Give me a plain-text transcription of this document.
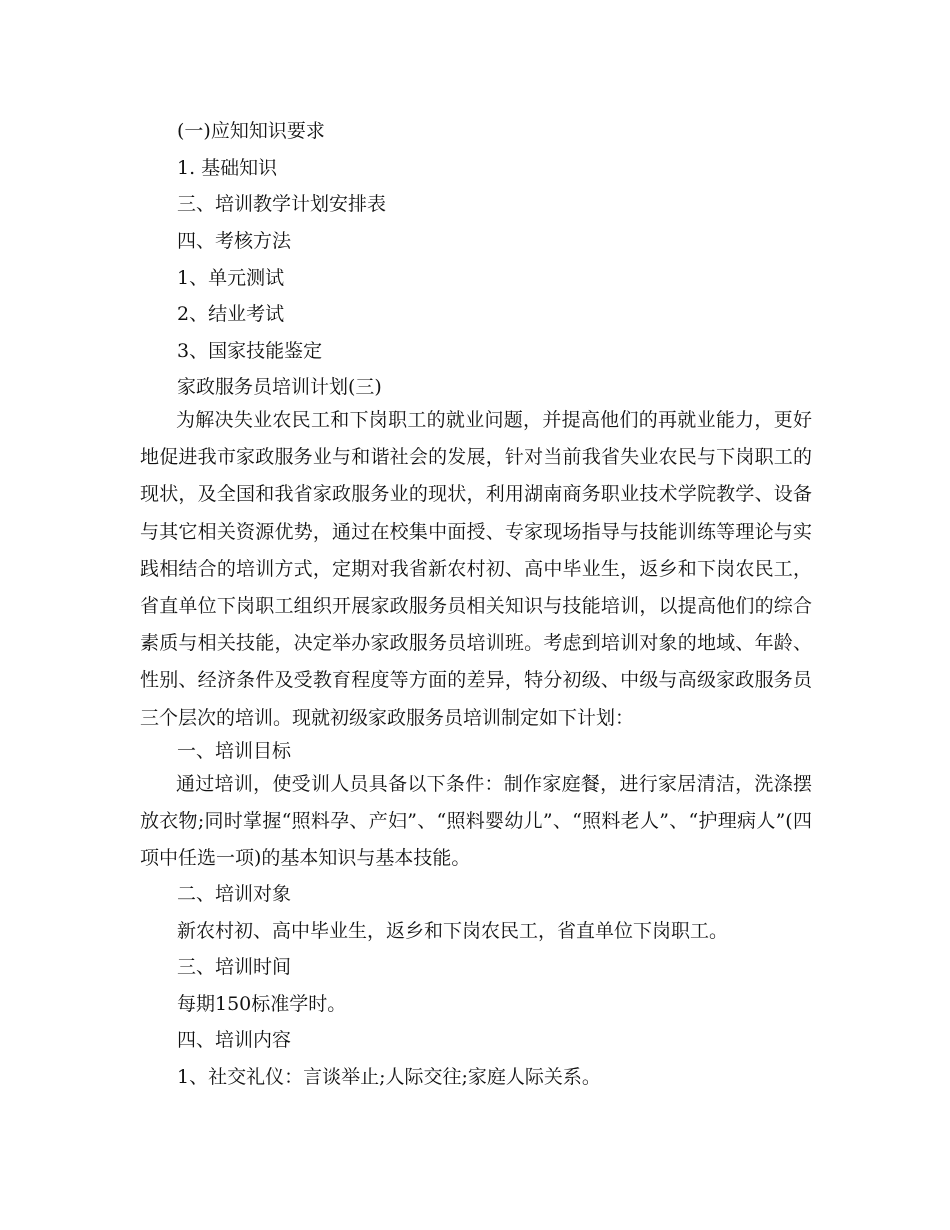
(一)应知知识要求
1. 基础知识
三、培训教学计划安排表
四、考核方法
1、单元测试
2、结业考试
3、国家技能鉴定
家政服务员培训计划(三)

为解决失业农民工和下岗职工的就业问题，并提高他们的再就业能力，更好地促进我市家政服务业与和谐社会的发展，针对当前我省失业农民与下岗职工的现状，及全国和我省家政服务业的现状，利用湖南商务职业技术学院教学、设备与其它相关资源优势，通过在校集中面授、专家现场指导与技能训练等理论与实践相结合的培训方式，定期对我省新农村初、高中毕业生，返乡和下岗农民工，省直单位下岗职工组织开展家政服务员相关知识与技能培训，以提高他们的综合素质与相关技能，决定举办家政服务员培训班。考虑到培训对象的地域、年龄、性别、经济条件及受教育程度等方面的差异，特分初级、中级与高级家政服务员三个层次的培训。现就初级家政服务员培训制定如下计划：

一、培训目标

通过培训，使受训人员具备以下条件：制作家庭餐，进行家居清洁，洗涤摆放衣物;同时掌握“照料孕、产妇”、“照料婴幼儿”、“照料老人”、“护理病人”(四项中任选一项)的基本知识与基本技能。

二、培训对象
新农村初、高中毕业生，返乡和下岗农民工，省直单位下岗职工。
三、培训时间
每期150标准学时。
四、培训内容
1、社交礼仪：言谈举止;人际交往;家庭人际关系。
